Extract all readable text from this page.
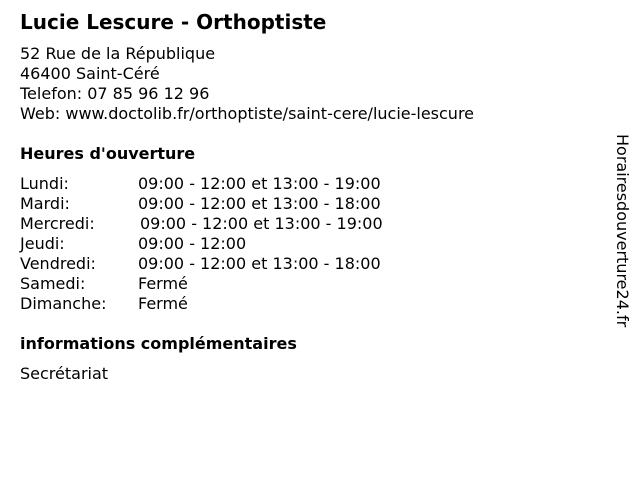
Lucie Lescure - Orthoptiste
52 Rue de la République
46400 Saint-Céré
Telefon: 07 85 96 12 96
Web: www.doctolib.fr/orthoptiste/saint-cere/lucie-lescure
Heures d'ouverture
Lundi:	09:00 - 12:00 et 13:00 - 19:00
Mardi:	09:00 - 12:00 et 13:00 - 18:00
Mercredi:	09:00 - 12:00 et 13:00 - 19:00
Jeudi:	09:00 - 12:00
Vendredi:	09:00 - 12:00 et 13:00 - 18:00
Samedi:	Fermé
Dimanche: Fermé
informations complémentaires
Secrétariat
Horairesdouverture24.fr
